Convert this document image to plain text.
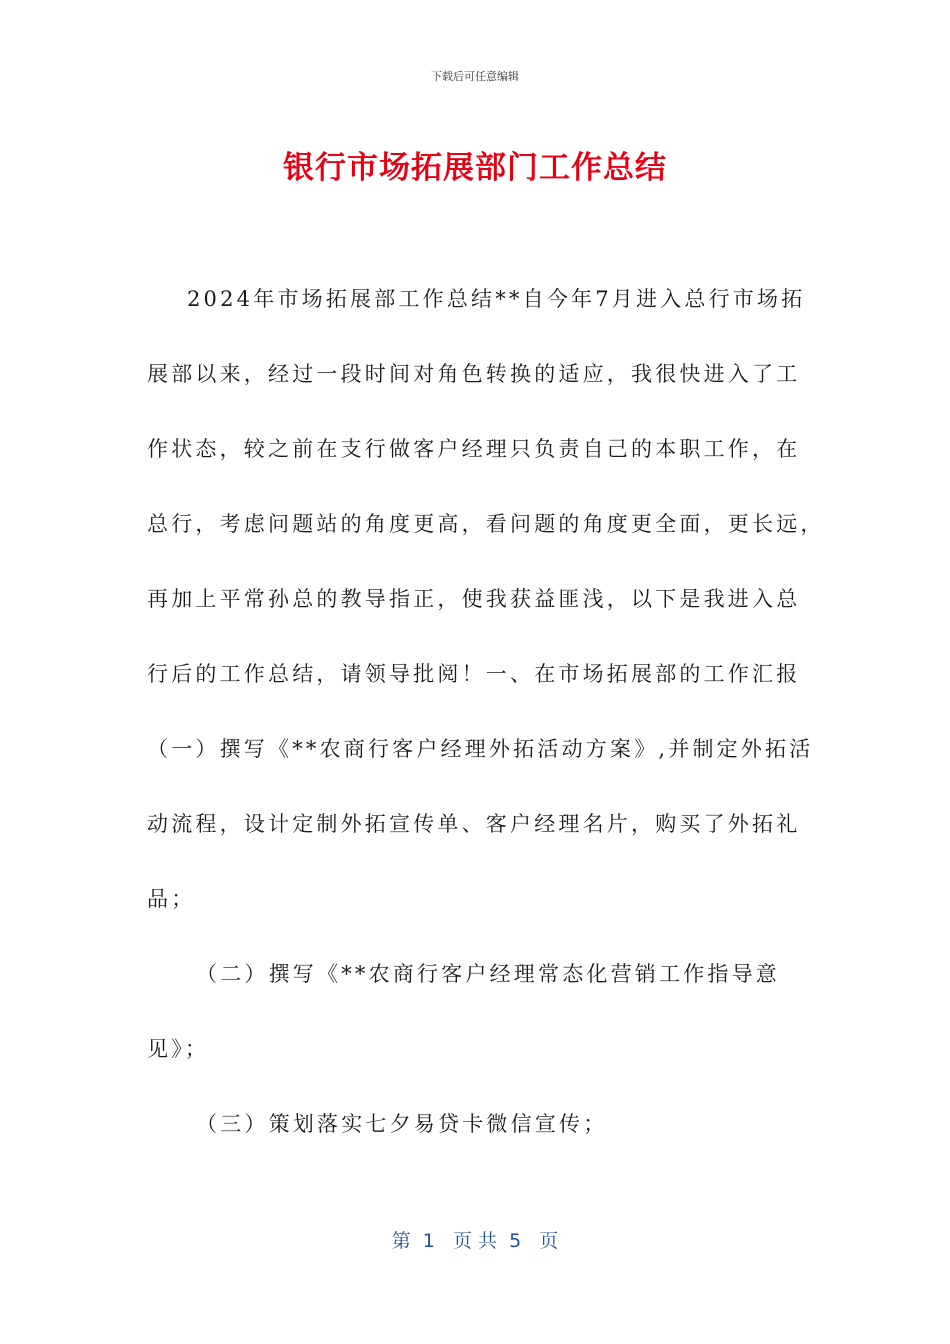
下载后可任意编辑
银行市场拓展部门工作总结
2024年市场拓展部工作总结**自今年7月进入总行市场拓
展部以来，经过一段时间对角色转换的适应，我很快进入了工
作状态，较之前在支行做客户经理只负责自己的本职工作，在
总行，考虑问题站的角度更高，看问题的角度更全面，更长远，
再加上平常孙总的教导指正，使我获益匪浅，以下是我进入总
行后的工作总结，请领导批阅！一、在市场拓展部的工作汇报
（一）撰写《**农商行客户经理外拓活动方案》,并制定外拓活
动流程，设计定制外拓宣传单、客户经理名片，购买了外拓礼
品；
（二）撰写《**农商行客户经理常态化营销工作指导意
见》；
（三）策划落实七夕易贷卡微信宣传；
第  1   页 共  5   页
